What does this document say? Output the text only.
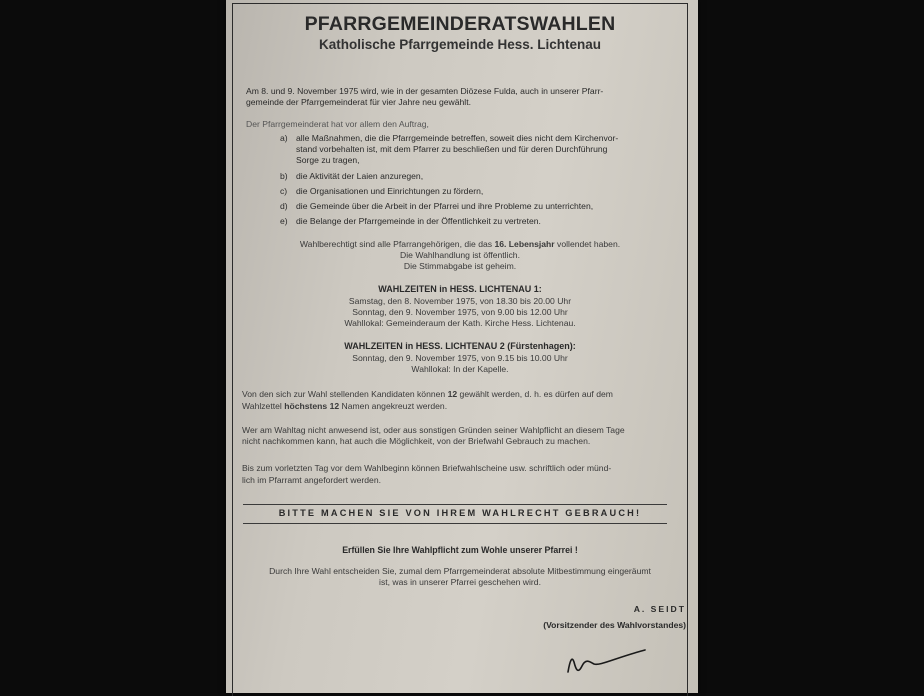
PFARRGEMEINDERATSWAHLEN
Katholische Pfarrgemeinde Hess. Lichtenau
Am 8. und 9. November 1975 wird, wie in der gesamten Diözese Fulda, auch in unserer Pfarr-
gemeinde der Pfarrgemeinderat für vier Jahre neu gewählt.
Der Pfarrgemeinderat hat vor allem den Auftrag,
a) alle Maßnahmen, die die Pfarrgemeinde betreffen, soweit dies nicht dem Kirchenvor-
stand vorbehalten ist, mit dem Pfarrer zu beschließen und für deren Durchführung
Sorge zu tragen,
b) die Aktivität der Laien anzuregen,
c) die Organisationen und Einrichtungen zu fördern,
d) die Gemeinde über die Arbeit in der Pfarrei und ihre Probleme zu unterrichten,
e) die Belange der Pfarrgemeinde in der Öffentlichkeit zu vertreten.
Wahlberechtigt sind alle Pfarrangehörigen, die das 16. Lebensjahr vollendet haben.
Die Wahlhandlung ist öffentlich.
Die Stimmabgabe ist geheim.
WAHLZEITEN in HESS. LICHTENAU 1:
Samstag, den 8. November 1975, von 18.30 bis 20.00 Uhr
Sonntag, den 9. November 1975, von 9.00 bis 12.00 Uhr
Wahllokal: Gemeinderaum der Kath. Kirche Hess. Lichtenau.
WAHLZEITEN in HESS. LICHTENAU 2 (Fürstenhagen):
Sonntag, den 9. November 1975, von 9.15 bis 10.00 Uhr
Wahllokal: In der Kapelle.
Von den sich zur Wahl stellenden Kandidaten können 12 gewählt werden, d. h. es dürfen auf dem
Wahlzettel höchstens 12 Namen angekreuzt werden.
Wer am Wahltag nicht anwesend ist, oder aus sonstigen Gründen seiner Wahlpflicht an diesem Tage
nicht nachkommen kann, hat auch die Möglichkeit, von der Briefwahl Gebrauch zu machen.
Bis zum vorletzten Tag vor dem Wahlbeginn können Briefwahlscheine usw. schriftlich oder münd-
lich im Pfarramt angefordert werden.
BITTE MACHEN SIE VON IHREM WAHLRECHT GEBRAUCH!
Erfüllen Sie Ihre Wahlpflicht zum Wohle unserer Pfarrei !
Durch Ihre Wahl entscheiden Sie, zumal dem Pfarrgemeinderat absolute Mitbestimmung eingeräumt
ist, was in unserer Pfarrei geschehen wird.
A. SEIDT
(Vorsitzender des Wahlvorstandes)
